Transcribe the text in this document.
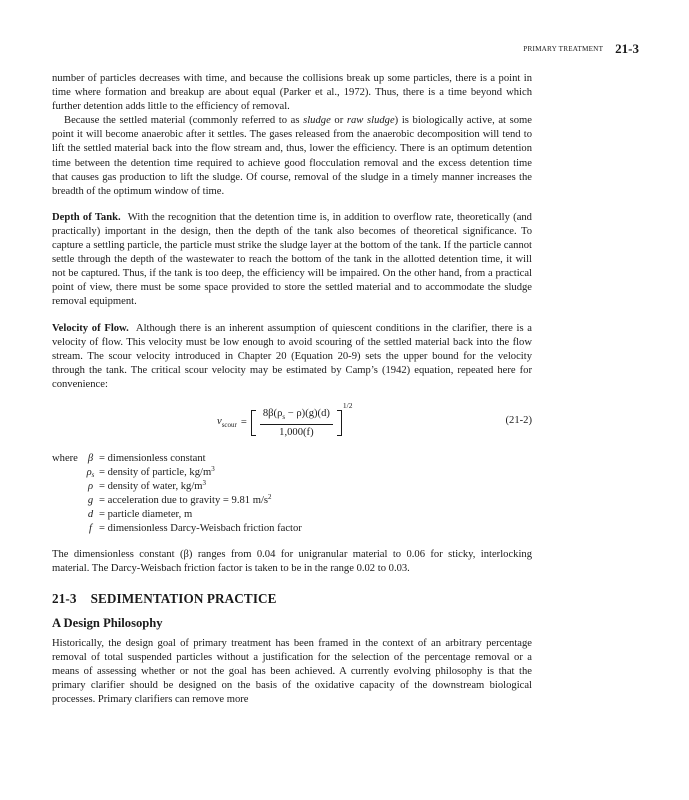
PRIMARY TREATMENT 21-3

number of particles decreases with time, and because the collisions break up some particles, there is a point in time where formation and breakup are about equal (Parker et al., 1972). Thus, there is a time beyond which further detention adds little to the efficiency of removal.

Because the settled material (commonly referred to as sludge or raw sludge) is biologically active, at some point it will become anaerobic after it settles. The gases released from the anaerobic decomposition will tend to lift the settled material back into the flow stream and, thus, lower the efficiency. There is an optimum detention time between the detention time required to achieve good flocculation removal and the excess detention time that causes gas production to lift the sludge. Of course, removal of the sludge in a timely manner increases the breadth of the optimum window of time.

Depth of Tank. With the recognition that the detention time is, in addition to overflow rate, theoretically (and practically) important in the design, then the depth of the tank also becomes of theoretical significance. To capture a settling particle, the particle must strike the sludge layer at the bottom of the tank. If the particle cannot settle through the depth of the wastewater to reach the bottom of the tank in the allotted detention time, it will not be captured. Thus, if the tank is too deep, the efficiency will be impaired. On the other hand, from a practical point of view, there must be some space provided to store the settled material and to accommodate the sludge removal equipment.

Velocity of Flow. Although there is an inherent assumption of quiescent conditions in the clarifier, there is a velocity of flow. This velocity must be low enough to avoid scouring of the settled material back into the flow stream. The scour velocity introduced in Chapter 20 (Equation 20-9) sets the upper bound for the velocity through the tank. The critical scour velocity may be estimated by Camp’s (1942) equation, repeated here for convenience:

$v_{scour} = \frac{8\beta(\rho_s - \rho)(g)(d)}{1,000(f)}$
1/2
(21-2)
where β = dimensionless constant
$\rho_s$ = density of particle, $kg/m^3$
ρ = density of water, $kg/m^3$
g = acceleration due to gravity = 9.81 $m/s^2$
d = particle diameter, m
f = dimensionless Darcy-Weisbach friction factor

The dimensionless constant (β) ranges from 0.04 for unigranular material to 0.06 for sticky, interlocking material. The Darcy-Weisbach friction factor is taken to be in the range 0.02 to 0.03.

21-3 SEDIMENTATION PRACTICE
A Design Philosophy

Historically, the design goal of primary treatment has been framed in the context of an arbitrary percentage removal of total suspended particles without a justification for the selection of the percentage removal or a means of assessing whether or not the goal has been achieved. A currently evolving philosophy is that the primary clarifier should be designed on the basis of the oxidative capacity of the downstream biological processes. Primary clarifiers can remove more
